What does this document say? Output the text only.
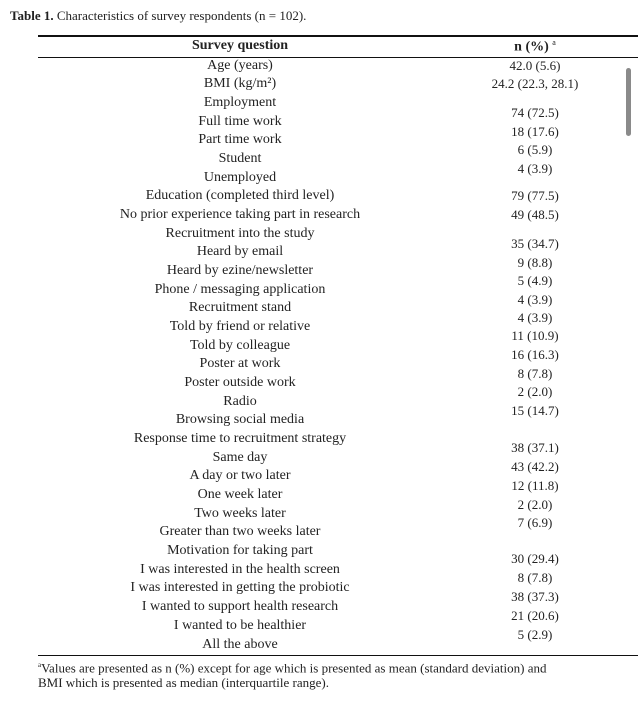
Table 1. Characteristics of survey respondents (n = 102).
Survey question	n (%) $^a$
Age (years)
BMI (kg/m²)
Employment
Full time work
Part time work
Student
Unemployed
Education (completed third level)
No prior experience taking part in research
Recruitment into the study
Heard by email
Heard by ezine/newsletter
Phone / messaging application
Recruitment stand
Told by friend or relative
Told by colleague
Poster at work
Poster outside work
Radio
Browsing social media
Response time to recruitment strategy
Same day
A day or two later
One week later
Two weeks later
Greater than two weeks later
Motivation for taking part
I was interested in the health screen
I was interested in getting the probiotic
I wanted to support health research
I wanted to be healthier
All the above
42.0 (5.6)
24.2 (22.3, 28.1)
74 (72.5)
18 (17.6)
6 (5.9)
4 (3.9)
79 (77.5)
49 (48.5)
35 (34.7)
9 (8.8)
5 (4.9)
4 (3.9)
4 (3.9)
11 (10.9)
16 (16.3)
8 (7.8)
2 (2.0)
15 (14.7)
38 (37.1)
43 (42.2)
12 (11.8)
2 (2.0)
7 (6.9)
30 (29.4)
8 (7.8)
38 (37.3)
21 (20.6)
5 (2.9)
$^a$Values are presented as n (%) except for age which is presented as mean (standard deviation) and
BMI which is presented as median (interquartile range).
